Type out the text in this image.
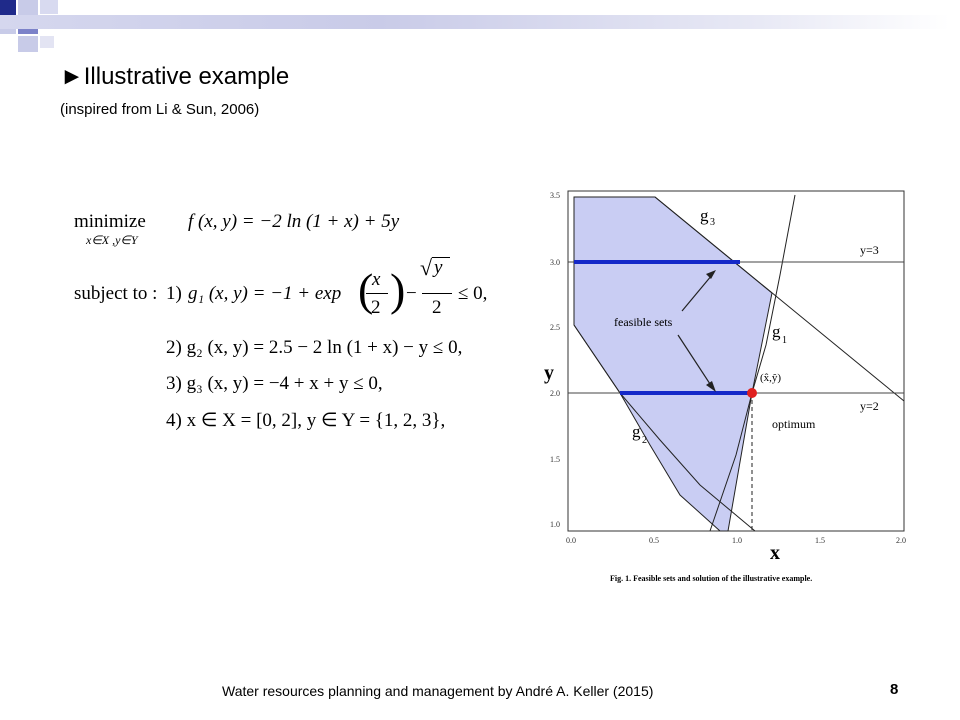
►Illustrative example
(inspired from Li & Sun, 2006)
minimize
x∈X ,y∈Y
f (x, y) = −2 ln (1 + x) + 5y
subject to : 1) g₁ (x, y) = −1 + exp (
x
2 ) −
√ y
2
≤ 0,
2) g₂ (x, y) = 2.5 − 2 ln (1 + x) − y ≤ 0,
3) g₃ (x, y) = −4 + x + y ≤ 0,
4) x ∈ X = [0, 2], y ∈ Y = {1, 2, 3},
3.5
3.0
2.5
2.0
1.5
1.0
0.0	0.5	1.0	1.5	2.0
y
x
g 3
g 1
g 2
y=3
y=2
feasible sets
optimum
(x̂,ŷ)
Fig. 1. Feasible sets and solution of the illustrative example.
Water resources planning and management by André A. Keller (2015)	8
